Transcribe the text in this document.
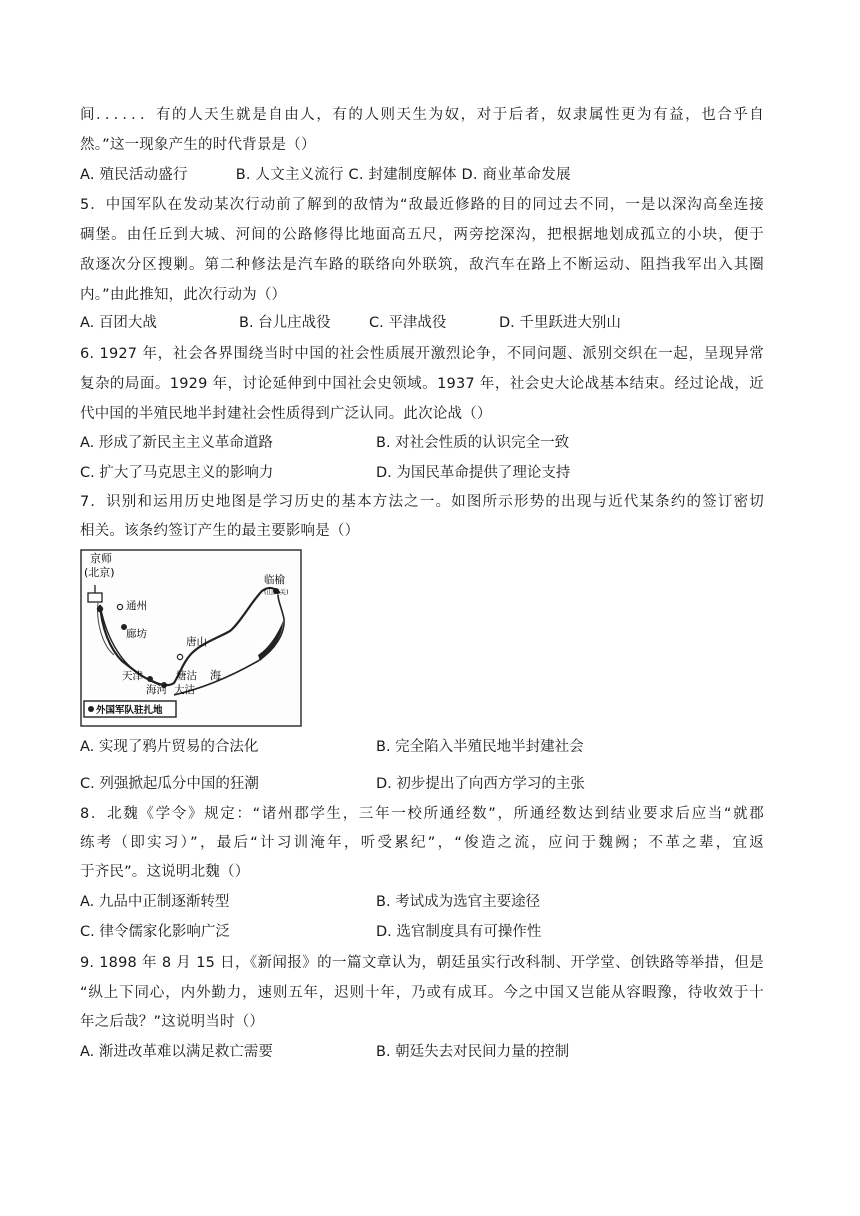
间．．．．．．有的人天生就是自由人，有的人则天生为奴，对于后者，奴隶属性更为有益，也合乎自
然。”这一现象产生的时代背景是（）
A. 殖民活动盛行          B. 人文主义流行 C. 封建制度解体 D. 商业革命发展
5．中国军队在发动某次行动前了解到的敌情为“敌最近修路的目的同过去不同，一是以深沟高垒连接
碉堡。由任丘到大城、河间的公路修得比地面高五尺，两旁挖深沟，把根据地划成孤立的小块，便于
敌逐次分区搜剿。第二种修法是汽车路的联络向外联筑，敌汽车在路上不断运动、阻挡我军出入其圈
内。”由此推知，此次行动为（）
A. 百团大战	B. 台儿庄战役	C. 平津战役	D. 千里跃进大别山
6. 1927 年，社会各界围绕当时中国的社会性质展开激烈论争，不同问题、派别交织在一起，呈现异常
复杂的局面。1929 年，讨论延伸到中国社会史领域。1937 年，社会史大论战基本结束。经过论战，近
代中国的半殖民地半封建社会性质得到广泛认同。此次论战（）
A. 形成了新民主主义革命道路	B. 对社会性质的认识完全一致
C. 扩大了马克思主义的影响力	D. 为国民革命提供了理论支持
7．识别和运用历史地图是学习历史的基本方法之一。如图所示形势的出现与近代某条约的签订密切
相关。该条约签订产生的最主要影响是（）
京师
(北京)
通州
廊坊
天津
海河
塘沽
大沽
唐山
临榆
(山海关)
海
渤
外国军队驻扎地
A. 实现了鸦片贸易的合法化	B. 完全陷入半殖民地半封建社会
C. 列强掀起瓜分中国的狂潮	D. 初步提出了向西方学习的主张
8．北魏《学令》规定：“诸州郡学生，三年一校所通经数”，所通经数达到结业要求后应当“就郡
练考（即实习）”，最后“计习训淹年，听受累纪”，“俊造之流，应问于魏阙；不革之辈，宜返
于齐民”。这说明北魏（）
A. 九品中正制逐渐转型	B. 考试成为选官主要途径
C. 律令儒家化影响广泛	D. 选官制度具有可操作性
9. 1898 年 8 月 15 日，《新闻报》的一篇文章认为，朝廷虽实行改科制、开学堂、创铁路等举措，但是
“纵上下同心，内外勤力，速则五年，迟则十年，乃或有成耳。今之中国又岂能从容暇豫，待收效于十
年之后哉？”这说明当时（）
A. 渐进改革难以满足救亡需要	B. 朝廷失去对民间力量的控制
